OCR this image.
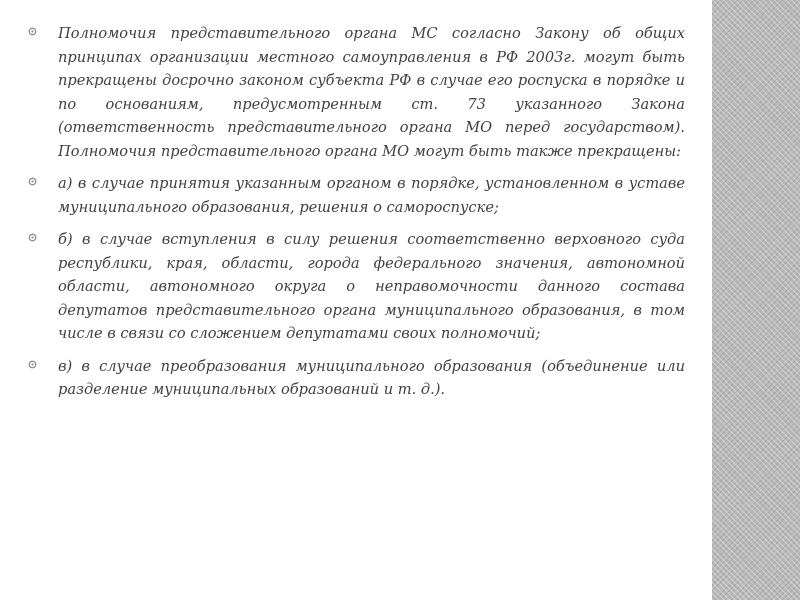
Полномочия представительного органа МС согласно Закону об общих принципах организации местного самоуправления в РФ 2003г. могут быть прекращены досрочно законом субъекта РФ в случае его роспуска в порядке и по основаниям, предусмотренным ст. 73 указанного Закона (ответственность представительного органа МО перед государством). Полномочия представительного органа МО могут быть также прекращены:

а) в случае принятия указанным органом в порядке, установленном в уставе муниципального образования, решения о самороспуске;

б) в случае вступления в силу решения соответственно верховного суда республики, края, области, города федерального значения, автономной области, автономного округа о неправомочности данного состава депутатов представительного органа муниципального образования, в том числе в связи со сложением депутатами своих полномочий;

в) в случае преобразования муниципального образования (объединение или разделение муниципальных образований и т. д.).
